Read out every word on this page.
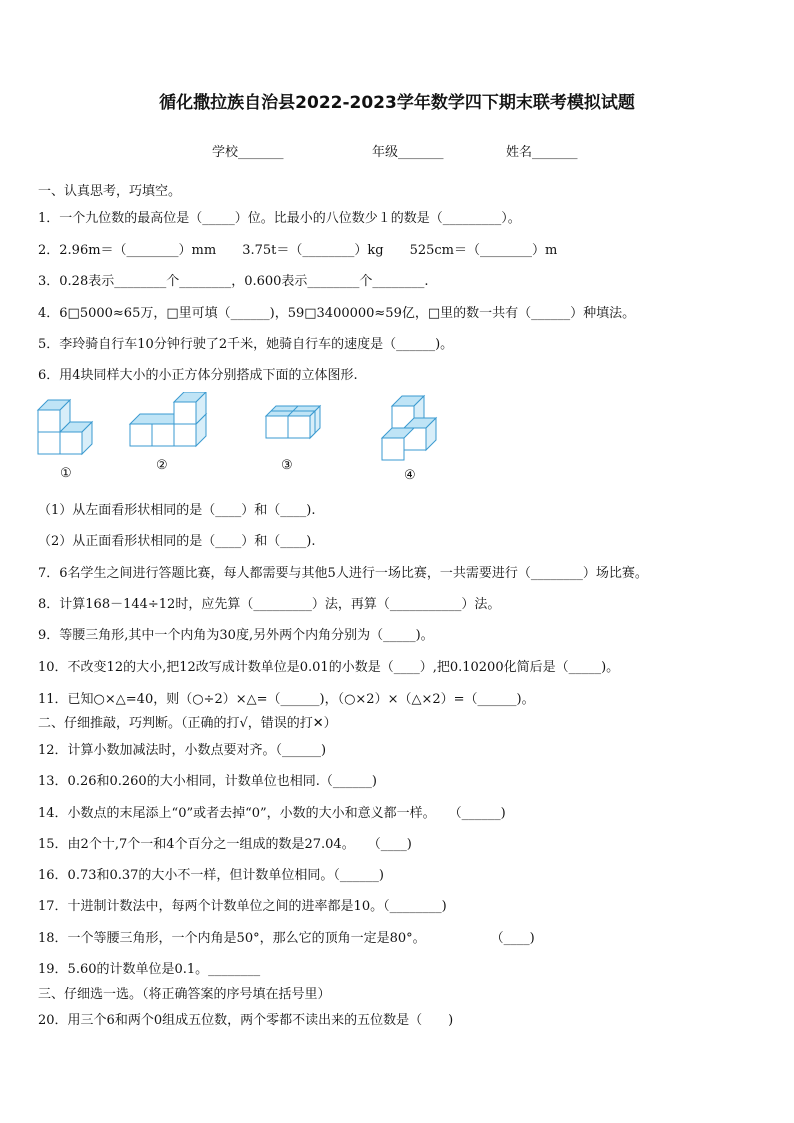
循化撒拉族自治县2022-2023学年数学四下期末联考模拟试题
学校_______	年级_______	姓名_______
一、认真思考，巧填空。
1．一个九位数的最高位是（_____）位。比最小的八位数少１的数是（_________）。
2．2.96m＝（________）mm　　3.75t＝（________）kg　　525cm＝（________）m
3．0.28表示________个________，0.600表示________个________.
4．6□5000≈65万，□里可填（______)，59□3400000≈59亿，□里的数一共有（______）种填法。
5．李玲骑自行车10分钟行驶了2千米，她骑自行车的速度是（______)。
6．用4块同样大小的小正方体分别搭成下面的立体图形.
①
②	③
④
（1）从左面看形状相同的是（____）和（____).
（2）从正面看形状相同的是（____）和（____).
7．6名学生之间进行答题比赛，每人都需要与其他5人进行一场比赛，一共需要进行（________）场比赛。
8．计算168－144÷12时，应先算（_________）法，再算（___________）法。
9．等腰三角形,其中一个内角为30度,另外两个内角分别为（_____)。
10．不改变12的大小,把12改写成计数单位是0.01的小数是（____）,把0.10200化简后是（_____)。
11．已知○×△=40，则（○÷2）×△=（______)，（○×2）×（△×2）=（______)。
二、仔细推敲，巧判断。（正确的打√，错误的打✕）
12．计算小数加减法时，小数点要对齐。（______)
13．0.26和0.260的大小相同，计数单位也相同.（______)
14．小数点的末尾添上“0”或者去掉“0”，小数的大小和意义都一样。　　（______)
15．由2个十,7个一和4个百分之一组成的数是27.04。　　（____)
16．0.73和0.37的大小不一样，但计数单位相同。（______)
17．十进制计数法中，每两个计数单位之间的进率都是10。（________)
18．一个等腰三角形，一个内角是50°，那么它的顶角一定是80°。　　　　　　（____)
19．5.60的计数单位是0.1。________
三、仔细选一选。（将正确答案的序号填在括号里）
20．用三个6和两个0组成五位数，两个零都不读出来的五位数是（　　)
